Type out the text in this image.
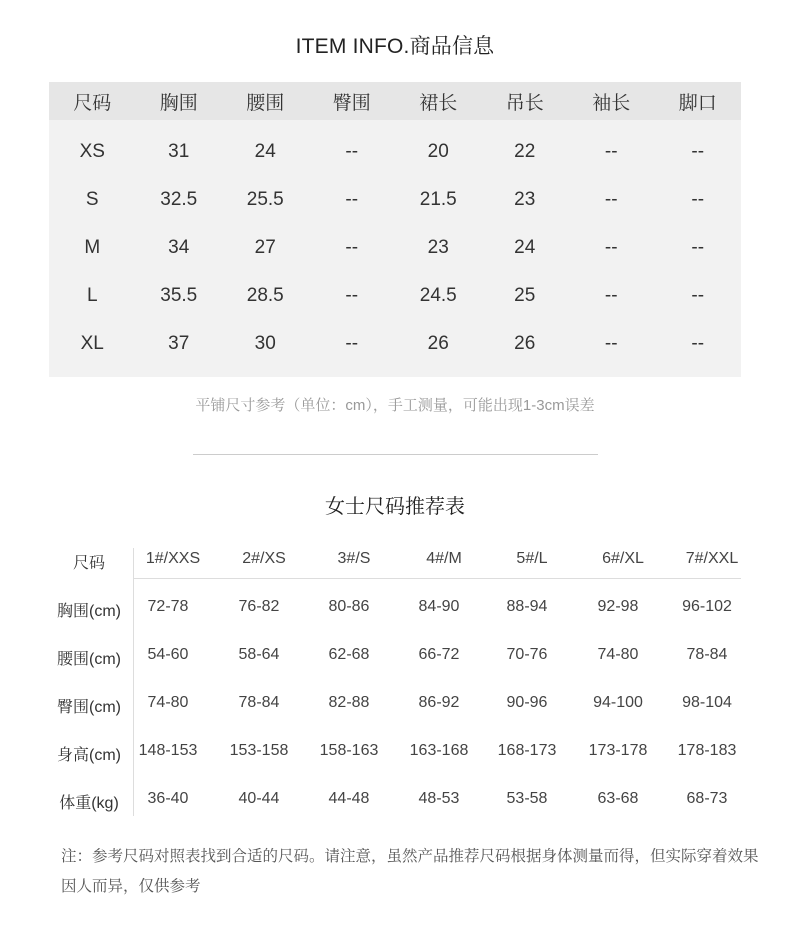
ITEM INFO.商品信息
尺码	胸围	腰围	臀围	裙长	吊长	袖长	脚口
XS	31	24	--	20	22	--	--
S	32.5	25.5	--	21.5	23	--	--
M	34	27	--	23	24	--	--
L	35.5	28.5	--	24.5	25	--	--
XL	37	30	--	26	26	--	--
平铺尺寸参考（单位：cm），手工测量，可能出现1-3cm误差
女士尺码推荐表
尺码	1#/XXS	2#/XS	3#/S	4#/M	5#/L	6#/XL	7#/XXL
胸围(cm)	72-78	76-82	80-86	84-90	88-94	92-98	96-102
腰围(cm)	54-60	58-64	62-68	66-72	70-76	74-80	78-84
臀围(cm)	74-80	78-84	82-88	86-92	90-96	94-100	98-104
身高(cm)	148-153	153-158	158-163	163-168	168-173	173-178	178-183
体重(kg)	36-40	40-44	44-48	48-53	53-58	63-68	68-73
注：参考尺码对照表找到合适的尺码。请注意，虽然产品推荐尺码根据身体测量而得，但实际穿着效果因人而异，仅供参考
